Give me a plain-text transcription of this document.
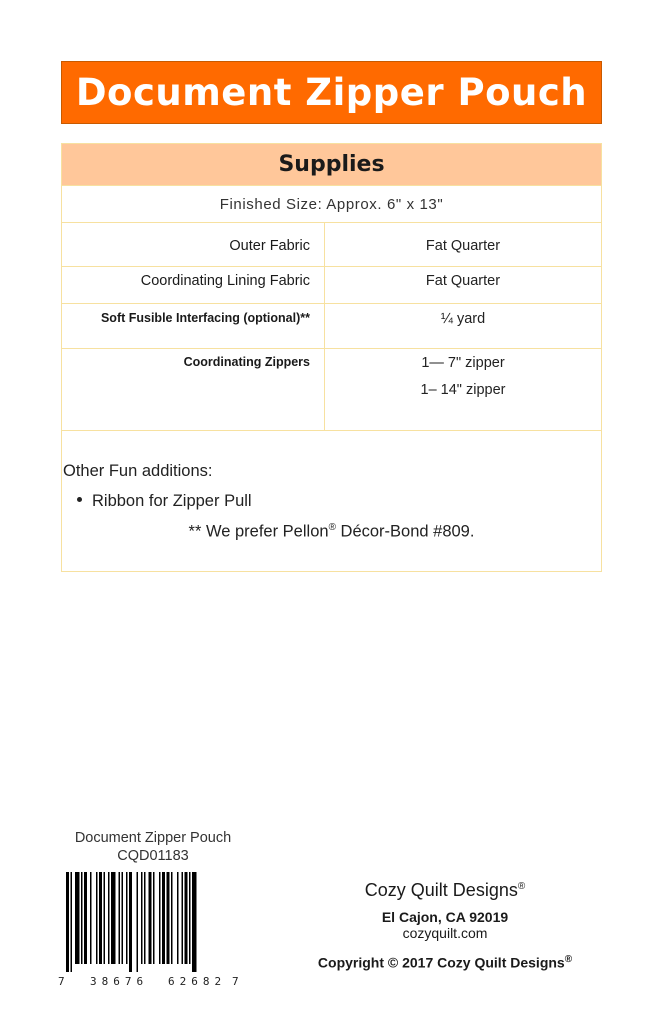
Document Zipper Pouch
Supplies
Finished Size: Approx. 6" x 13"
Outer Fabric	Fat Quarter
Coordinating Lining Fabric	Fat Quarter
Soft Fusible Interfacing (optional)**	¼ yard
Coordinating Zippers	1— 7" zipper
1– 14" zipper
Other Fun additions:
Ribbon for Zipper Pull
** We prefer Pellon® Décor-Bond #809.
Document Zipper Pouch
CQD01183
7 38676 62682 7
Cozy Quilt Designs®
El Cajon, CA 92019
cozyquilt.com
Copyright © 2017 Cozy Quilt Designs®
